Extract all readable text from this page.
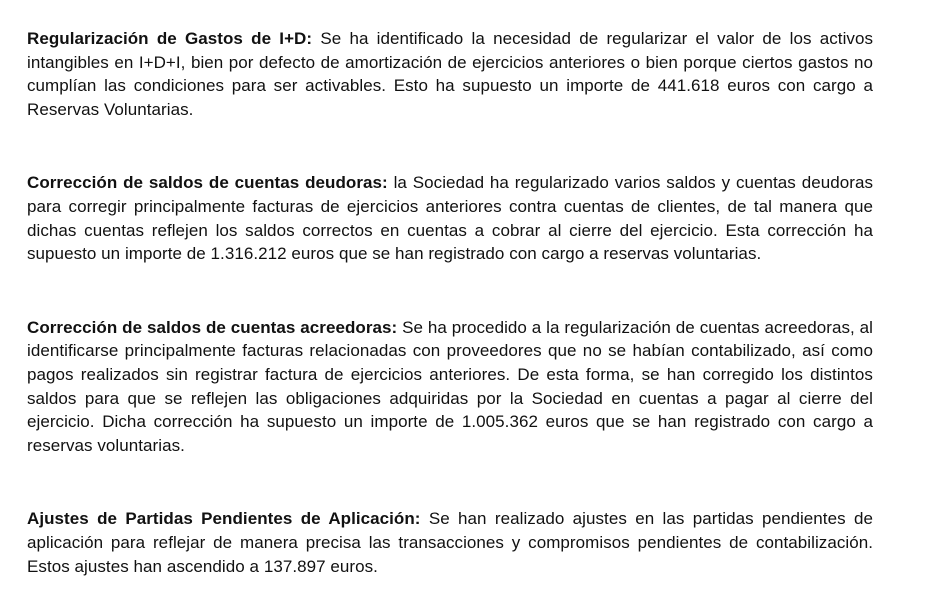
Regularización de Gastos de I+D: Se ha identificado la necesidad de regularizar el valor de los activos intangibles en I+D+I, bien por defecto de amortización de ejercicios anteriores o bien porque ciertos gastos no cumplían las condiciones para ser activables. Esto ha supuesto un importe de 441.618 euros con cargo a Reservas Voluntarias.

Corrección de saldos de cuentas deudoras: la Sociedad ha regularizado varios saldos y cuentas deudoras para corregir principalmente facturas de ejercicios anteriores contra cuentas de clientes, de tal manera que dichas cuentas reflejen los saldos correctos en cuentas a cobrar al cierre del ejercicio. Esta corrección ha supuesto un importe de 1.316.212 euros que se han registrado con cargo a reservas voluntarias.

Corrección de saldos de cuentas acreedoras: Se ha procedido a la regularización de cuentas acreedoras, al identificarse principalmente facturas relacionadas con proveedores que no se habían contabilizado, así como pagos realizados sin registrar factura de ejercicios anteriores. De esta forma, se han corregido los distintos saldos para que se reflejen las obligaciones adquiridas por la Sociedad en cuentas a pagar al cierre del ejercicio. Dicha corrección ha supuesto un importe de 1.005.362 euros que se han registrado con cargo a reservas voluntarias.

Ajustes de Partidas Pendientes de Aplicación: Se han realizado ajustes en las partidas pendientes de aplicación para reflejar de manera precisa las transacciones y compromisos pendientes de contabilización. Estos ajustes han ascendido a 137.897 euros.
